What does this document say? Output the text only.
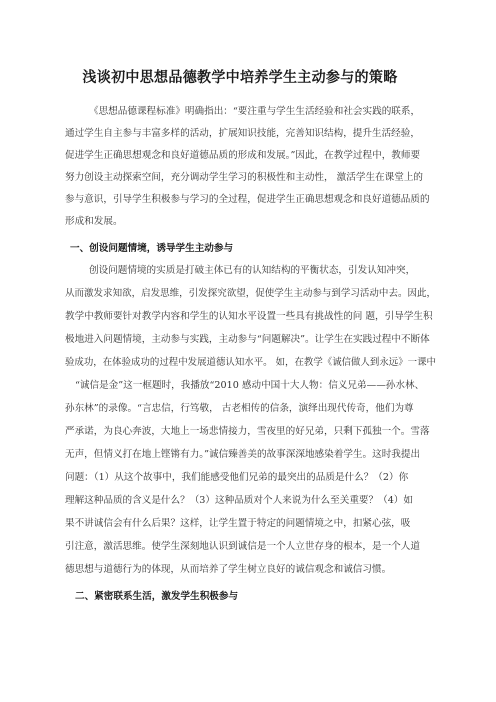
浅谈初中思想品德教学中培养学生主动参与的策略
《思想品德课程标准》明确指出：“要注重与学生生活经验和社会实践的联系，
通过学生自主参与丰富多样的活动，扩展知识技能，完善知识结构，提升生活经验，
促进学生正确思想观念和良好道德品质的形成和发展。”因此，在教学过程中，教师要
努力创设主动探索空间，充分调动学生学习的积极性和主动性， 激活学生在课堂上的
参与意识，引导学生积极参与学习的全过程，促进学生正确思想观念和良好道德品质的
形成和发展。
一、创设问题情境，诱导学生主动参与
创设问题情境的实质是打破主体已有的认知结构的平衡状态，引发认知冲突，
从而激发求知欲，启发思维，引发探究欲望，促使学生主动参与到学习活动中去。因此，
教学中教师要针对教学内容和学生的认知水平设置一些具有挑战性的问 题，引导学生积
极地进入问题情境，主动参与实践，主动参与“问题解决”。让学生在实践过程中不断体
验成功，在体验成功的过程中发展道德认知水平。 如，在教学《诚信做人到永远》一课中
“诚信是金”这一框题时，我播放“2010 感动中国十大人物：信义兄弟——孙水林、
孙东林”的录像。“言忠信，行笃敬， 古老相传的信条，演绎出现代传奇，他们为尊
严承诺，为良心奔波，大地上一场悲情接力，雪夜里的好兄弟，只剩下孤独一个。雪落
无声，但情义打在地上铿锵有力。”诚信臻善美的故事深深地感染着学生。这时我提出
问题：（1）从这个故事中，我们能感受他们兄弟的最突出的品质是什么？（2）你
理解这种品质的含义是什么？（3）这种品质对个人来说为什么至关重要？（4）如
果不讲诚信会有什么后果？这样，让学生置于特定的问题情境之中，扣紧心弦，吸
引注意，激活思维。使学生深刻地认识到诚信是一个人立世存身的根本，是一个人道
德思想与道德行为的体现，从而培养了学生树立良好的诚信观念和诚信习惯。
二、紧密联系生活，激发学生积极参与
